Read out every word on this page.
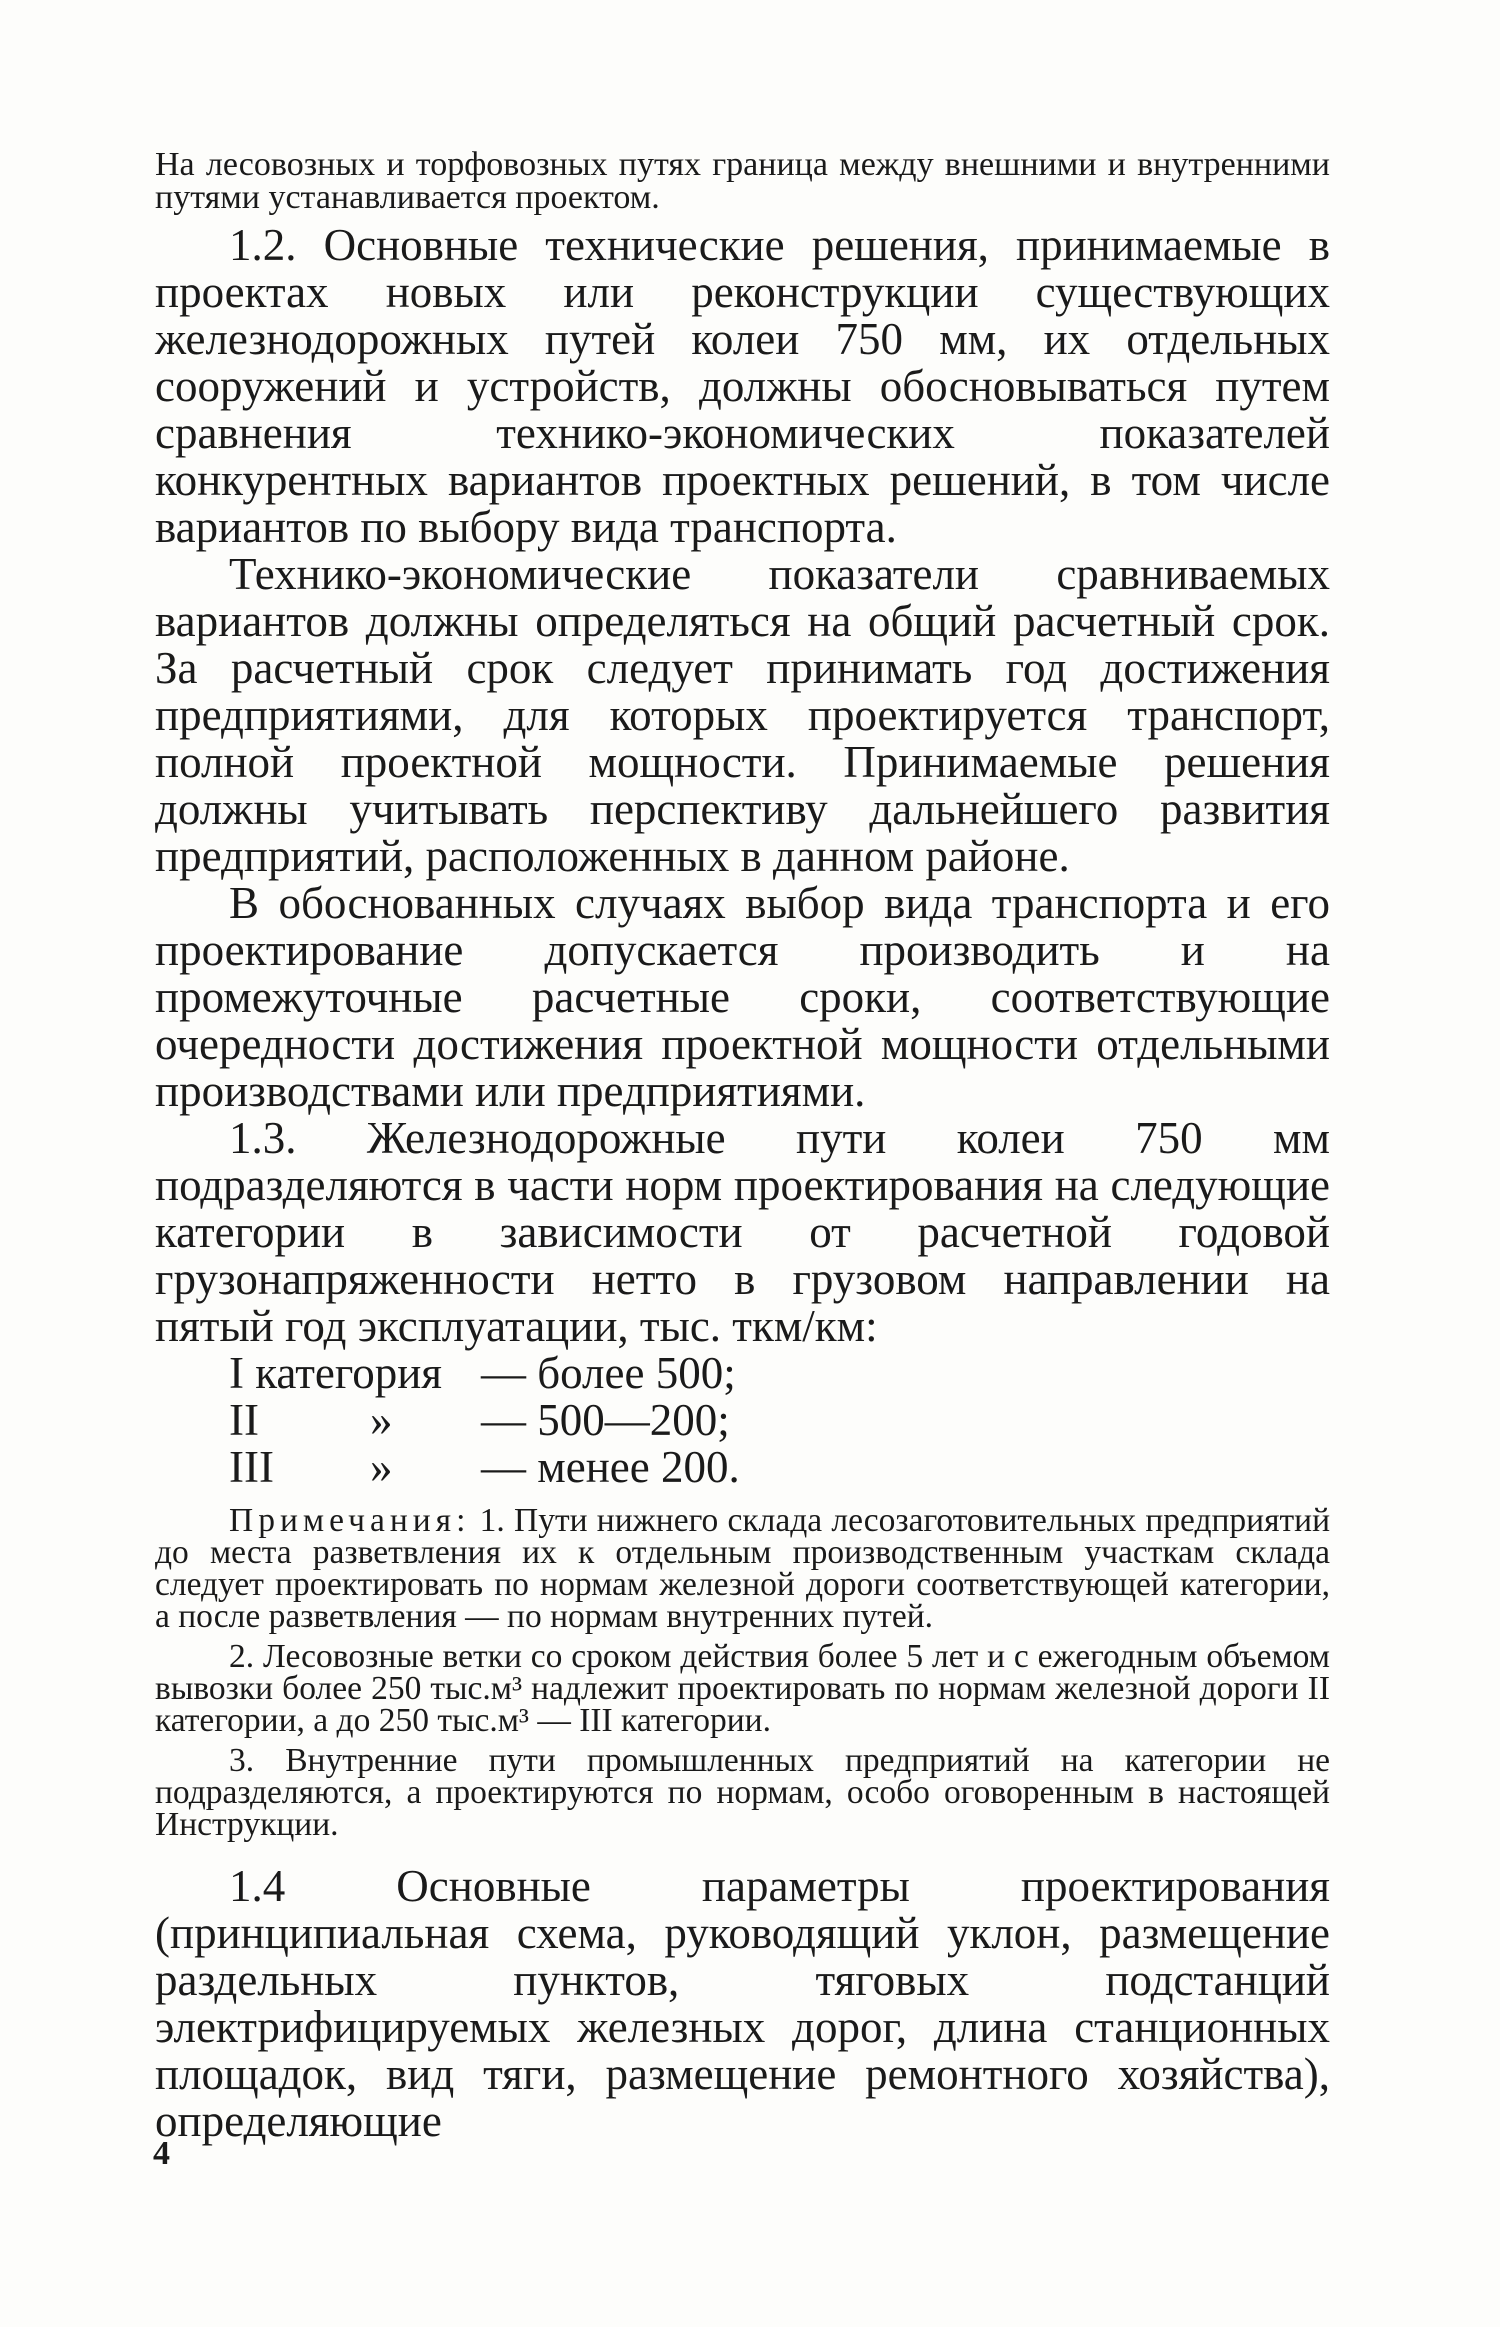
На лесовозных и торфовозных путях граница между внешними и внутренними путями устанавливается проектом.

1.2. Основные технические решения, принимаемые в проектах новых или реконструкции существующих железнодорожных путей колеи 750 мм, их отдельных сооружений и устройств, должны обосновываться путем сравнения технико-экономических показателей конкурентных вариантов проектных решений, в том числе вариантов по выбору вида транспорта.

Технико-экономические показатели сравниваемых вариантов должны определяться на общий расчетный срок. За расчетный срок следует принимать год достижения предприятиями, для которых проектируется транспорт, полной проектной мощности. Принимаемые решения должны учитывать перспективу дальнейшего развития предприятий, расположенных в данном районе.

В обоснованных случаях выбор вида транспорта и его проектирование допускается производить и на промежуточные расчетные сроки, соответствующие очередности достижения проектной мощности отдельными производствами или предприятиями.

1.3. Железнодорожные пути колеи 750 мм подразделяются в части норм проектирования на следующие категории в зависимости от расчетной годовой грузонапряженности нетто в грузовом направлении на пятый год эксплуатации, тыс. ткм/км:

I категория — более 500;
II » — 500—200;
III » — менее 200.

Примечания: 1. Пути нижнего склада лесозаготовительных предприятий до места разветвления их к отдельным производственным участкам склада следует проектировать по нормам железной дороги соответствующей категории, а после разветвления — по нормам внутренних путей.

2. Лесовозные ветки со сроком действия более 5 лет и с ежегодным объемом вывозки более 250 тыс.м³ надлежит проектировать по нормам железной дороги II категории, а до 250 тыс.м³ — III категории.

3. Внутренние пути промышленных предприятий на категории не подразделяются, а проектируются по нормам, особо оговоренным в настоящей Инструкции.

1.4 Основные параметры проектирования (принципиальная схема, руководящий уклон, размещение раздельных пунктов, тяговых подстанций электрифицируемых железных дорог, длина станционных площадок, вид тяги, размещение ремонтного хозяйства), определяющие

4
